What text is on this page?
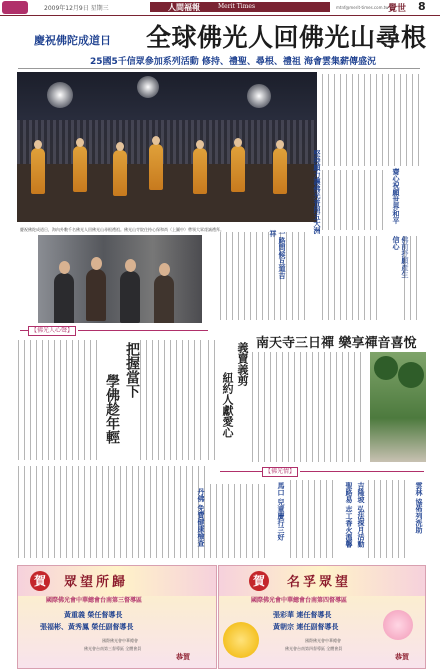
2009年12月9日 星期三	人間福報	Merit Times	mtnf@merit-times.com.tw 覺世 8
慶祝佛陀成道日 全球佛光人回佛光山尋根
25國5千信眾參加系列活動 修持、禮聖、尋根、禮祖 海會雲集薪傳盛況
慶祝佛陀成道日，海內外數千名佛光人回佛光山尋根禮祖。佛光山寺院住持心保和尚（上圖中）帶領大眾虔誠禮拜。
齋心祝願世界和平
堅持願力讓佛光普照五大洲
一路問候互道吉祥
佛前抒願產生信心
【佛光人心聲】
把握當下
學佛趁年輕
義賣義剪
紐約人獻愛心
南天寺三日禪 樂享禪音喜悅
【佛光情】
丹佛 免費健康檢查	馬口 兒童慶行三好	聖路易 志工香火溫馨 吉隆坡 弘法探月活動	雲林 協佈列洗助
賀	眾望所歸
國際佛光會中華總會台南第三督導區
黃重義 榮任督導長
張福彬、黃秀鳳 榮任副督導長
國際佛光會中華總會
佛光會台南第三督導區 全體會員
恭賀
賀	名孚眾望
國際佛光會中華總會台南第四督導區
張彩華 連任督導長
黃朝宗 連任副督導長
國際佛光會中華總會
佛光會台南第四督導區 全體會員
恭賀
